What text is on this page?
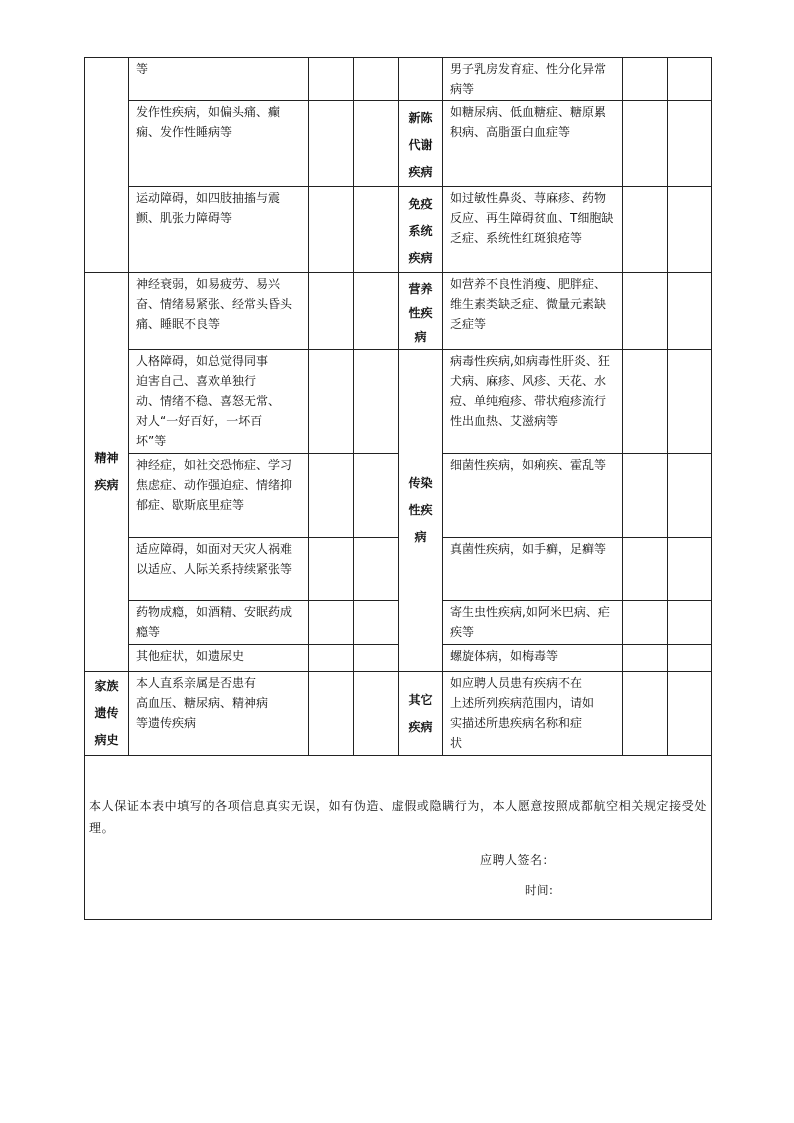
	等				男子乳房发育症、性分化异常病等		
	发作性疾病，如偏头痛、癫痫、发作性睡病等			新陈代谢疾病	如糖尿病、低血糖症、糖原累积病、高脂蛋白血症等		
	运动障碍，如四肢抽搐与震颤、肌张力障碍等			免疫系统疾病	如过敏性鼻炎、荨麻疹、药物反应、再生障碍贫血、T细胞缺乏症、系统性红斑狼疮等		
精神疾病	神经衰弱，如易疲劳、易兴奋、情绪易紧张、经常头昏头痛、睡眠不良等			营养性疾病	如营养不良性消瘦、肥胖症、维生素类缺乏症、微量元素缺乏症等		
	人格障碍，如总觉得同事
迫害自己、喜欢单独行
动、情绪不稳、喜怒无常、
对人“一好百好，一坏百
坏”等			传染性疾病	病毒性疾病,如病毒性肝炎、狂犬病、麻疹、风疹、天花、水痘、单纯疱疹、带状疱疹流行性出血热、艾滋病等		
	神经症，如社交恐怖症、学习焦虑症、动作强迫症、情绪抑郁症、歇斯底里症等				细菌性疾病，如痢疾、霍乱等		
	适应障碍，如面对天灾人祸难以适应、人际关系持续紧张等				真菌性疾病，如手癣，足癣等		
	药物成瘾，如酒精、安眠药成瘾等				寄生虫性疾病,如阿米巴病、疟疾等		
	其他症状，如遗尿史				螺旋体病，如梅毒等		
家族遗传病史	本人直系亲属是否患有
高血压、糖尿病、精神病
等遗传疾病			其它疾病	如应聘人员患有疾病不在
上述所列疾病范围内，请如
实描述所患疾病名称和症
状		

本人保证本表中填写的各项信息真实无误，如有伪造、虚假或隐瞒行为，本人愿意按照成都航空相关规定接受处理。
应聘人签名：
时间:							
